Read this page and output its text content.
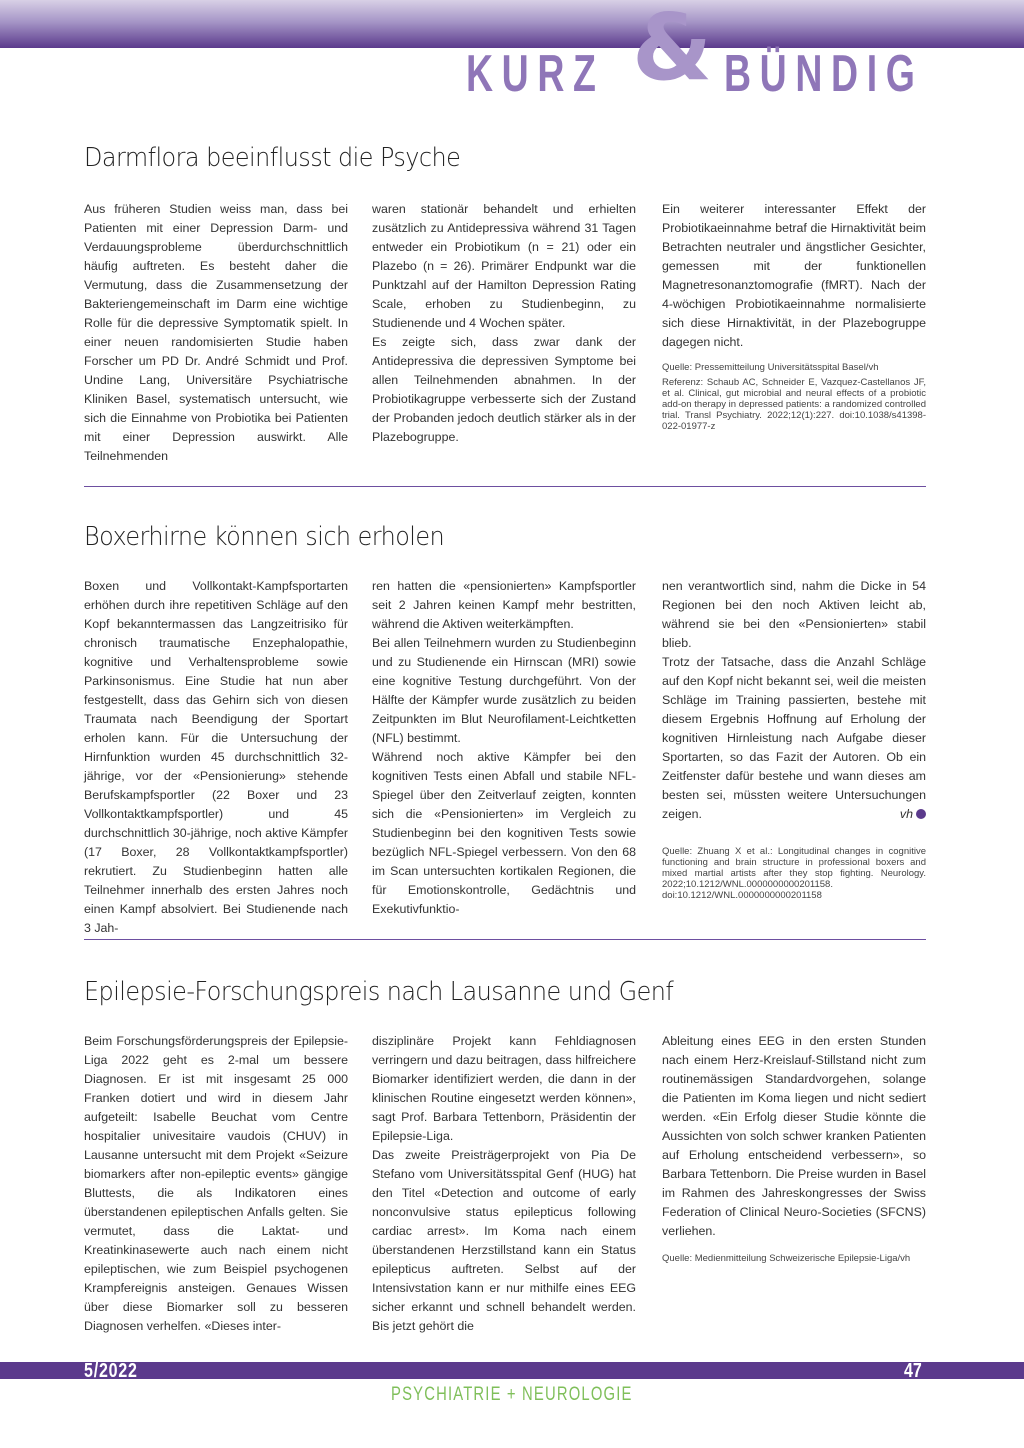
KURZ & BÜNDIG
Darmflora beeinflusst die Psyche

Aus früheren Studien weiss man, dass bei Patienten mit einer Depression Darm- und Verdauungsprobleme überdurchschnittlich häufig auftreten. Es besteht daher die Vermutung, dass die Zusammensetzung der Bakteriengemeinschaft im Darm eine wichtige Rolle für die depressive Symptomatik spielt. In einer neuen randomisierten Studie haben Forscher um PD Dr. André Schmidt und Prof. Undine Lang, Universitäre Psychiatrische Kliniken Basel, systematisch untersucht, wie sich die Einnahme von Probiotika bei Patienten mit einer Depression auswirkt. Alle Teilnehmenden

waren stationär behandelt und erhielten zusätzlich zu Antidepressiva während 31 Tagen entweder ein Probiotikum (n = 21) oder ein Plazebo (n = 26). Primärer Endpunkt war die Punktzahl auf der Hamilton Depression Rating Scale, erhoben zu Studienbeginn, zu Studienende und 4 Wochen später.

Es zeigte sich, dass zwar dank der Antidepressiva die depressiven Symptome bei allen Teilnehmenden abnahmen. In der Probiotikagruppe verbesserte sich der Zustand der Probanden jedoch deutlich stärker als in der Plazebogruppe.

Ein weiterer interessanter Effekt der Probiotikaeinnahme betraf die Hirnaktivität beim Betrachten neutraler und ängstlicher Gesichter, gemessen mit der funktionellen Magnetresonanztomografie (fMRT). Nach der 4-wöchigen Probiotikaeinnahme normalisierte sich diese Hirnaktivität, in der Plazebogruppe dagegen nicht.

Quelle: Pressemitteilung Universitätsspital Basel/vh

Referenz: Schaub AC, Schneider E, Vazquez-Castellanos JF, et al. Clinical, gut microbial and neural effects of a probiotic add-on therapy in depressed patients: a randomized controlled trial. Transl Psychiatry. 2022;12(1):227. doi:10.1038/s41398-022-01977-z

Boxerhirne können sich erholen

Boxen und Vollkontakt-Kampfsportarten erhöhen durch ihre repetitiven Schläge auf den Kopf bekanntermassen das Langzeitrisiko für chronisch traumatische Enzephalopathie, kognitive und Verhaltensprobleme sowie Parkinsonismus. Eine Studie hat nun aber festgestellt, dass das Gehirn sich von diesen Traumata nach Beendigung der Sportart erholen kann. Für die Untersuchung der Hirnfunktion wurden 45 durchschnittlich 32-jährige, vor der «Pensionierung» stehende Berufskampfsportler (22 Boxer und 23 Vollkontaktkampfsportler) und 45 durchschnittlich 30-jährige, noch aktive Kämpfer (17 Boxer, 28 Vollkontaktkampfsportler) rekrutiert. Zu Studienbeginn hatten alle Teilnehmer innerhalb des ersten Jahres noch einen Kampf absolviert. Bei Studienende nach 3 Jah-

ren hatten die «pensionierten» Kampfsportler seit 2 Jahren keinen Kampf mehr bestritten, während die Aktiven weiterkämpften.

Bei allen Teilnehmern wurden zu Studienbeginn und zu Studienende ein Hirnscan (MRI) sowie eine kognitive Testung durchgeführt. Von der Hälfte der Kämpfer wurde zusätzlich zu beiden Zeitpunkten im Blut Neurofilament-Leichtketten (NFL) bestimmt.

Während noch aktive Kämpfer bei den kognitiven Tests einen Abfall und stabile NFL-Spiegel über den Zeitverlauf zeigten, konnten sich die «Pensionierten» im Vergleich zu Studienbeginn bei den kognitiven Tests sowie bezüglich NFL-Spiegel verbessern. Von den 68 im Scan untersuchten kortikalen Regionen, die für Emotionskontrolle, Gedächtnis und Exekutivfunktio-

nen verantwortlich sind, nahm die Dicke in 54 Regionen bei den noch Aktiven leicht ab, während sie bei den «Pensionierten» stabil blieb.

Trotz der Tatsache, dass die Anzahl Schläge auf den Kopf nicht bekannt sei, weil die meisten Schläge im Training passierten, bestehe mit diesem Ergebnis Hoffnung auf Erholung der kognitiven Hirnleistung nach Aufgabe dieser Sportarten, so das Fazit der Autoren. Ob ein Zeitfenster dafür bestehe und wann dieses am besten sei, müssten weitere Untersuchungen zeigen.	vh

Quelle: Zhuang X et al.: Longitudinal changes in cognitive functioning and brain structure in professional boxers and mixed martial artists after they stop fighting. Neurology. 2022;10.1212/WNL.0000000000201158. doi:10.1212/WNL.0000000000201158

Epilepsie-Forschungspreis nach Lausanne und Genf

Beim Forschungsförderungspreis der Epilepsie-Liga 2022 geht es 2-mal um bessere Diagnosen. Er ist mit insgesamt 25 000 Franken dotiert und wird in diesem Jahr aufgeteilt: Isabelle Beuchat vom Centre hospitalier univesitaire vaudois (CHUV) in Lausanne untersucht mit dem Projekt «Seizure biomarkers after non-epileptic events» gängige Bluttests, die als Indikatoren eines überstandenen epileptischen Anfalls gelten. Sie vermutet, dass die Laktat- und Kreatinkinasewerte auch nach einem nicht epileptischen, wie zum Beispiel psychogenen Krampfereignis ansteigen. Genaues Wissen über diese Biomarker soll zu besseren Diagnosen verhelfen. «Dieses inter-

disziplinäre Projekt kann Fehldiagnosen verringern und dazu beitragen, dass hilfreichere Biomarker identifiziert werden, die dann in der klinischen Routine eingesetzt werden können», sagt Prof. Barbara Tettenborn, Präsidentin der Epilepsie-Liga.

Das zweite Preisträgerprojekt von Pia De Stefano vom Universitätsspital Genf (HUG) hat den Titel «Detection and outcome of early nonconvulsive status epilepticus following cardiac arrest». Im Koma nach einem überstandenen Herzstillstand kann ein Status epilepticus auftreten. Selbst auf der Intensivstation kann er nur mithilfe eines EEG sicher erkannt und schnell behandelt werden. Bis jetzt gehört die

Ableitung eines EEG in den ersten Stunden nach einem Herz-Kreislauf-Stillstand nicht zum routinemässigen Standardvorgehen, solange die Patienten im Koma liegen und nicht sediert werden. «Ein Erfolg dieser Studie könnte die Aussichten von solch schwer kranken Patienten auf Erholung entscheidend verbessern», so Barbara Tettenborn. Die Preise wurden in Basel im Rahmen des Jahreskongresses der Swiss Federation of Clinical Neuro-Societies (SFCNS) verliehen.

Quelle: Medienmitteilung Schweizerische Epilepsie-Liga/vh

5/2022	47
PSYCHIATRIE + NEUROLOGIE
